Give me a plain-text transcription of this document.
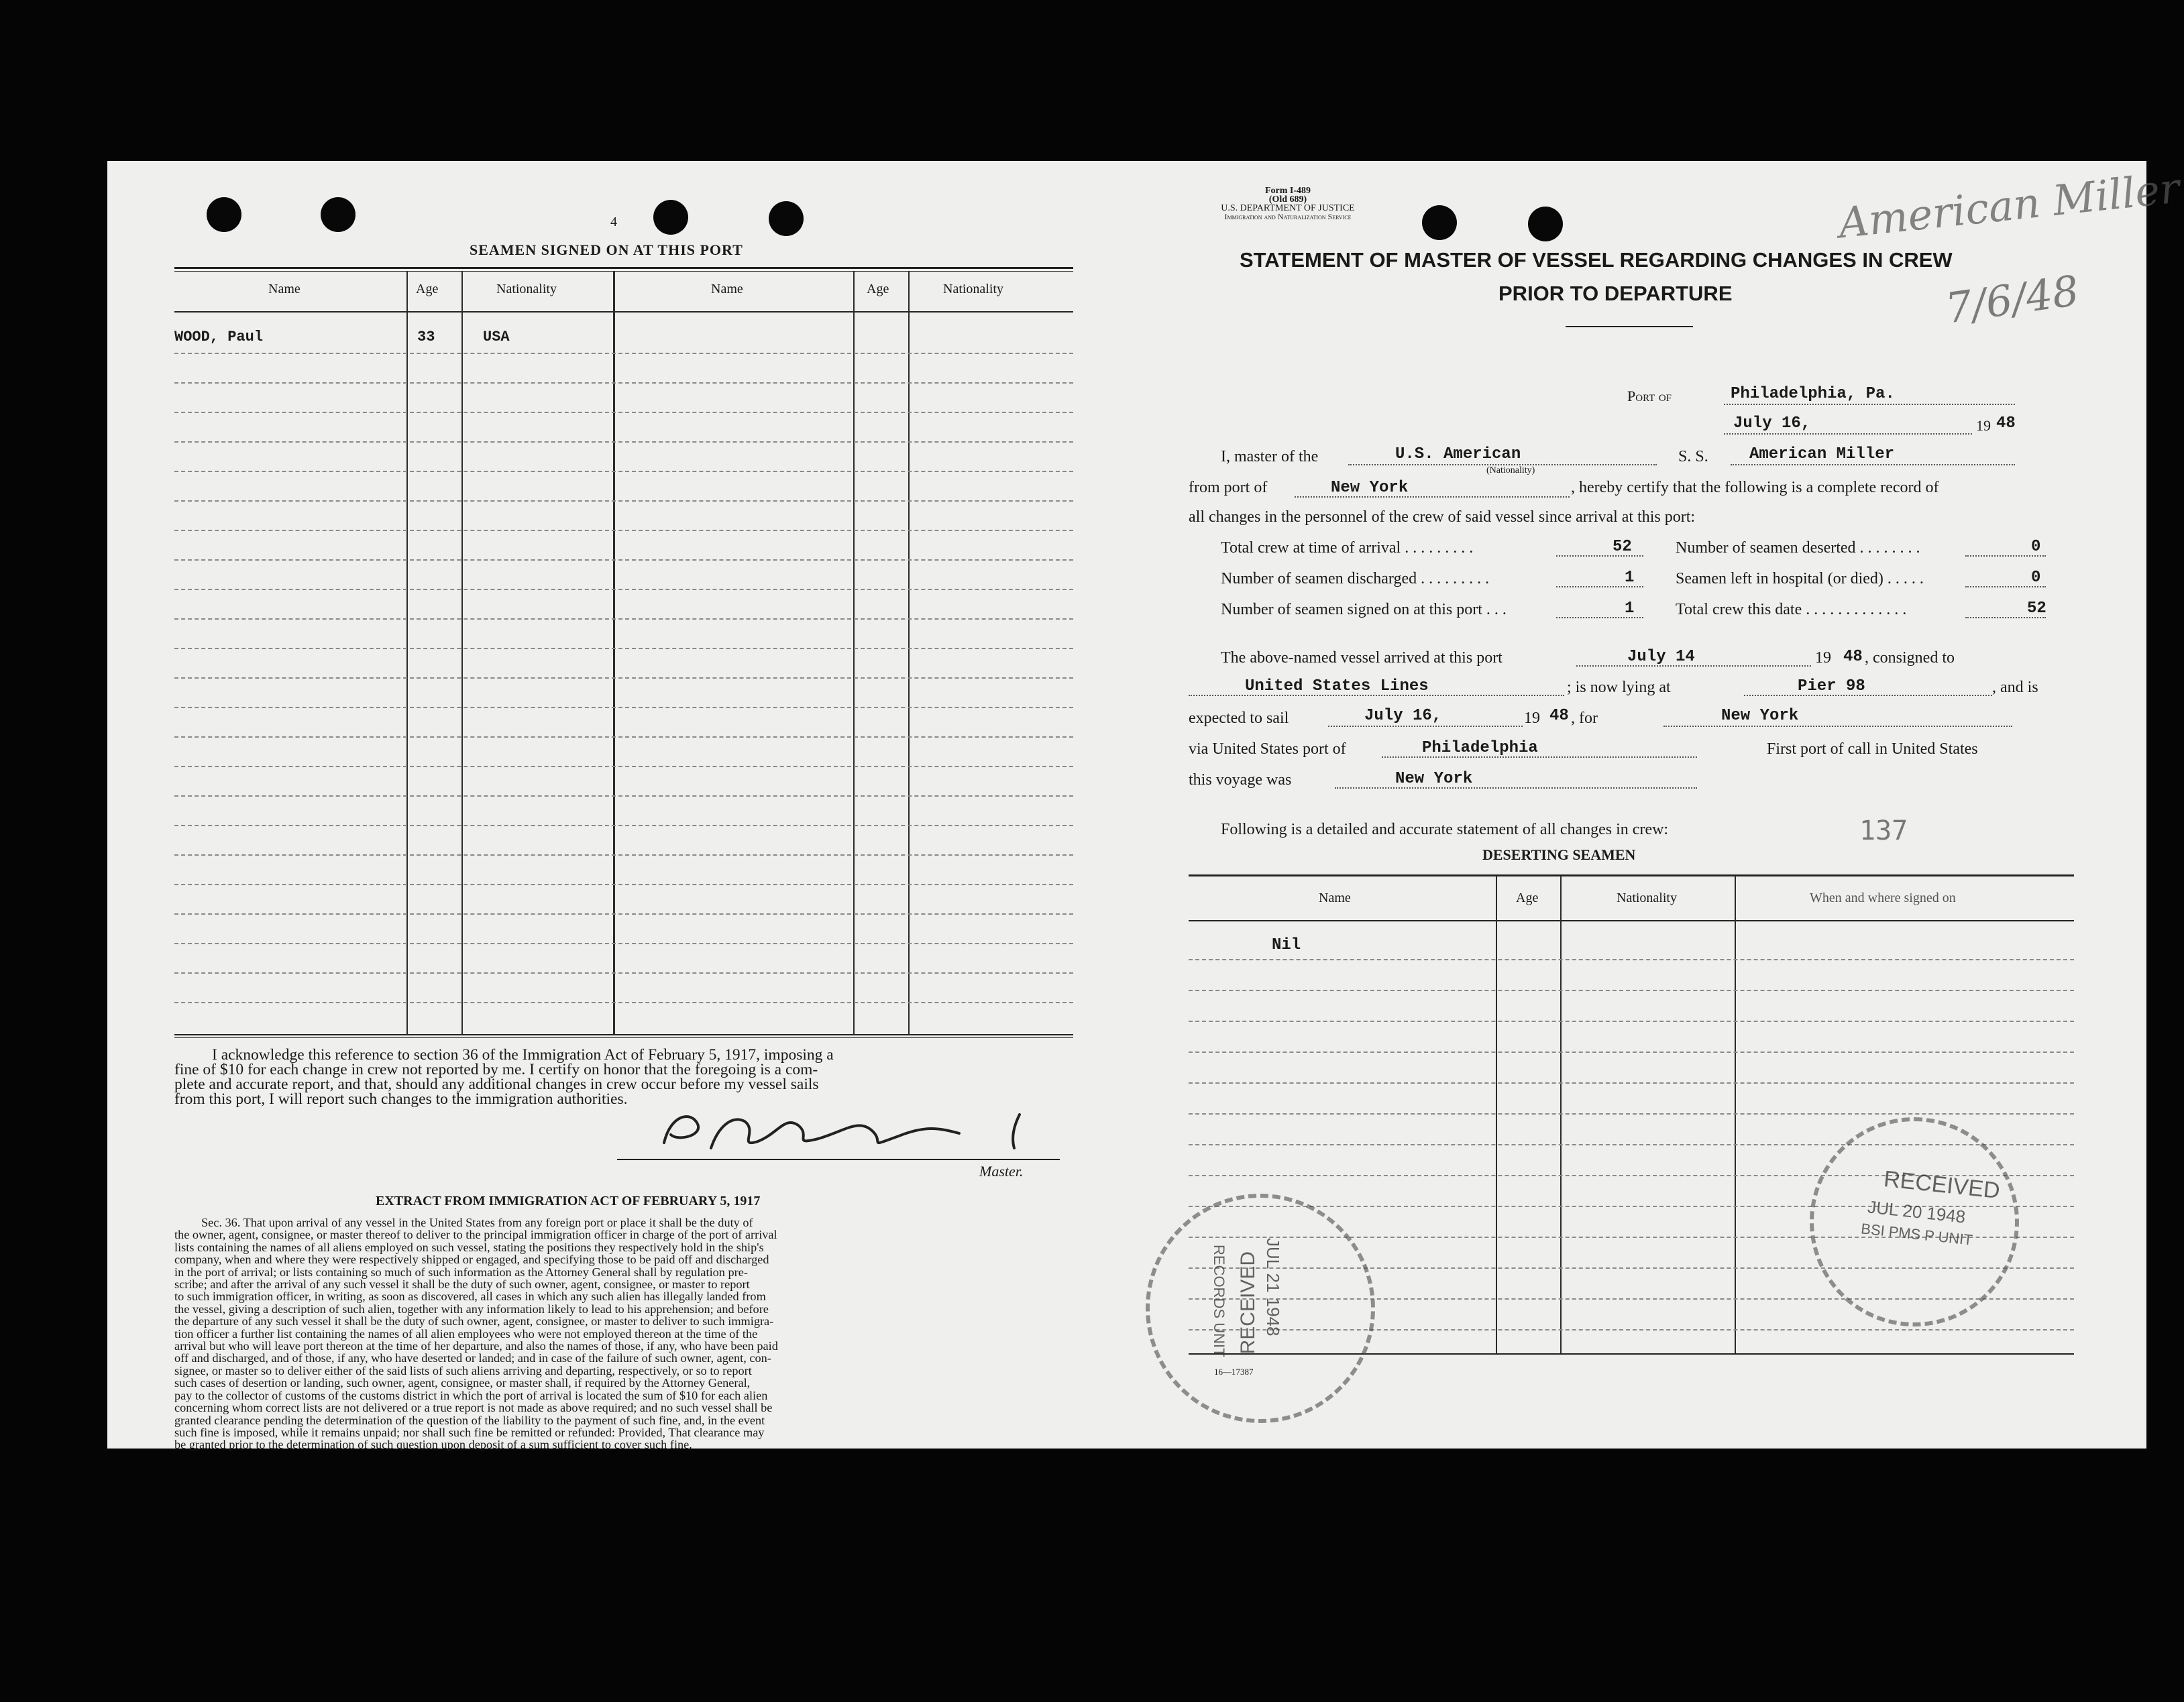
4
SEAMEN SIGNED ON AT THIS PORT
Name	Age	Nationality	Name	Age	Nationality
WOOD, Paul	33	USA
I acknowledge this reference to section 36 of the Immigration Act of February 5, 1917, imposing a
fine of $10 for each change in crew not reported by me. I certify on honor that the foregoing is a com-
plete and accurate report, and that, should any additional changes in crew occur before my vessel sails
from this port, I will report such changes to the immigration authorities.
Master.
EXTRACT FROM IMMIGRATION ACT OF FEBRUARY 5, 1917
Sec. 36. That upon arrival of any vessel in the United States from any foreign port or place it shall be the duty of
the owner, agent, consignee, or master thereof to deliver to the principal immigration officer in charge of the port of arrival
lists containing the names of all aliens employed on such vessel, stating the positions they respectively hold in the ship's
company, when and where they were respectively shipped or engaged, and specifying those to be paid off and discharged
in the port of arrival; or lists containing so much of such information as the Attorney General shall by regulation pre-
scribe; and after the arrival of any such vessel it shall be the duty of such owner, agent, consignee, or master to report
to such immigration officer, in writing, as soon as discovered, all cases in which any such alien has illegally landed from
the vessel, giving a description of such alien, together with any information likely to lead to his apprehension; and before
the departure of any such vessel it shall be the duty of such owner, agent, consignee, or master to deliver to such immigra-
tion officer a further list containing the names of all alien employees who were not employed thereon at the time of the
arrival but who will leave port thereon at the time of her departure, and also the names of those, if any, who have been paid
off and discharged, and of those, if any, who have deserted or landed; and in case of the failure of such owner, agent, con-
signee, or master so to deliver either of the said lists of such aliens arriving and departing, respectively, or so to report
such cases of desertion or landing, such owner, agent, consignee, or master shall, if required by the Attorney General,
pay to the collector of customs of the customs district in which the port of arrival is located the sum of $10 for each alien
concerning whom correct lists are not delivered or a true report is not made as above required; and no such vessel shall be
granted clearance pending the determination of the question of the liability to the payment of such fine, and, in the event
such fine is imposed, while it remains unpaid; nor shall such fine be remitted or refunded: Provided, That clearance may
be granted prior to the determination of such question upon deposit of a sum sufficient to cover such fine.
Form I-489
(Old 689)
U.S. DEPARTMENT OF JUSTICE
Immigration and Naturalization Service	American Miller
7/6/48
STATEMENT OF MASTER OF VESSEL REGARDING CHANGES IN CREW
PRIOR TO DEPARTURE
Port of	Philadelphia, Pa.
July 16,	19 48
I, master of the	U.S. American
(Nationality)
S. S.	American Miller
from port of	New York	, hereby certify that the following is a complete record of
all changes in the personnel of the crew of said vessel since arrival at this port:
Total crew at time of arrival . . . . . . . . .	52	Number of seamen deserted . . . . . . . .	0
Number of seamen discharged . . . . . . . . .	1	Seamen left in hospital (or died) . . . . .	0
Number of seamen signed on at this port . . .	1	Total crew this date . . . . . . . . . . . . .	52
The above-named vessel arrived at this port	July 14	19 48 , consigned to
United States Lines	; is now lying at	Pier 98	, and is
expected to sail	July 16,	19 48 , for	New York
via United States port of	Philadelphia	First port of call in United States
this voyage was	New York
Following is a detailed and accurate statement of all changes in crew:	137
DESERTING SEAMEN
Name	Age	Nationality	When and where signed on
Nil
RECEIVED
JUL 20 1948
BSI PMS P UNIT
RECEIVED JUL 21 1948
RECORDS UNIT
16—17387
